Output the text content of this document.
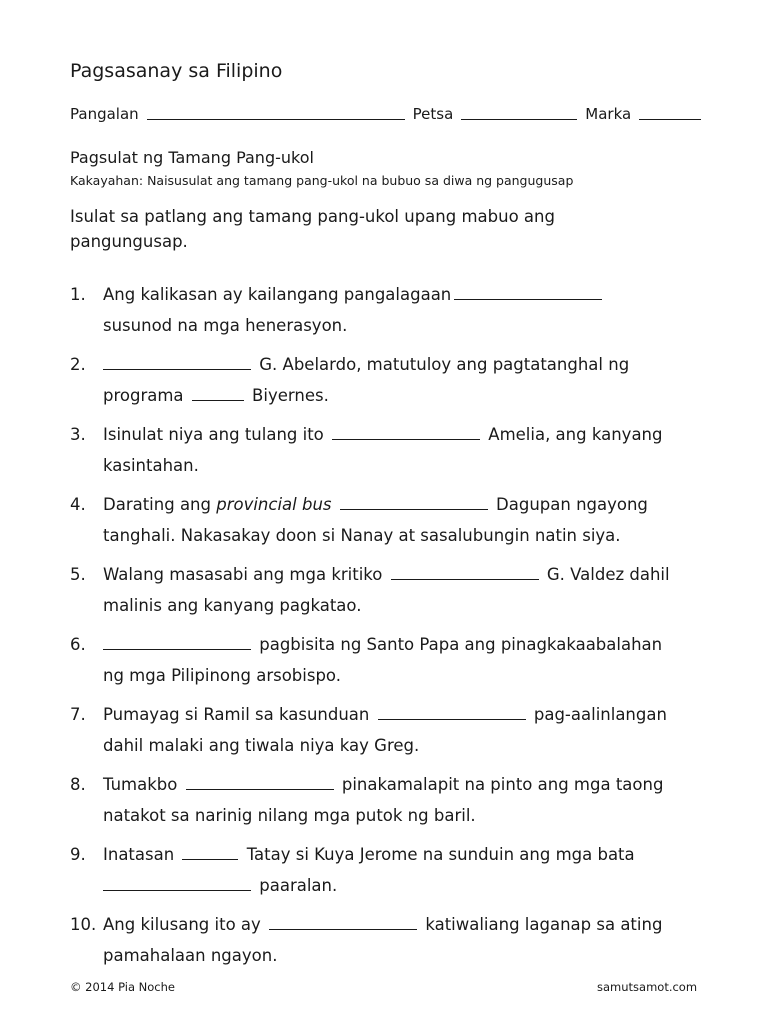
Pagsasanay sa Filipino
Pangalan	Petsa	Marka
Pagsulat ng Tamang Pang-ukol
Kakayahan: Naisusulat ang tamang pang-ukol na bubuo sa diwa ng pangugusap
Isulat sa patlang ang tamang pang-ukol upang mabuo ang pangungusap.
1. Ang kalikasan ay kailangang pangalagaan
susunod na mga henerasyon.
2.	G. Abelardo, matutuloy ang pagtatanghal ng
programa	Biyernes.
3. Isinulat niya ang tulang ito	Amelia, ang kanyang
kasintahan.
4. Darating ang provincial bus	Dagupan ngayong
tanghali. Nakasakay doon si Nanay at sasalubungin natin siya.
5. Walang masasabi ang mga kritiko	G. Valdez dahil
malinis ang kanyang pagkatao.
6.	pagbisita ng Santo Papa ang pinagkakaabalahan
ng mga Pilipinong arsobispo.
7. Pumayag si Ramil sa kasunduan	pag-aalinlangan
dahil malaki ang tiwala niya kay Greg.
8. Tumakbo	pinakamalapit na pinto ang mga taong
natakot sa narinig nilang mga putok ng baril.
9. Inatasan	Tatay si Kuya Jerome na sunduin ang mga bata
paaralan.
10. Ang kilusang ito ay	katiwaliang laganap sa ating
pamahalaan ngayon.
© 2014 Pia Noche	samutsamot.com
